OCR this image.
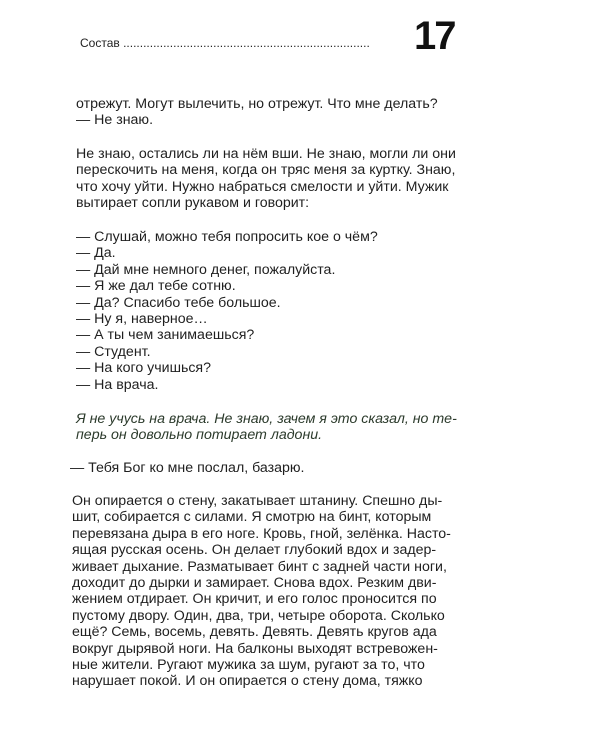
Состав ..........................................................................	17
отрежут. Могут вылечить, но отрежут. Что мне делать?
— Не знаю.
Не знаю, остались ли на нём вши. Не знаю, могли ли они
перескочить на меня, когда он тряс меня за куртку. Знаю,
что хочу уйти. Нужно набраться смелости и уйти. Мужик
вытирает сопли рукавом и говорит:
— Слушай, можно тебя попросить кое о чём?
— Да.
— Дай мне немного денег, пожалуйста.
— Я же дал тебе сотню.
— Да? Спасибо тебе большое.
— Ну я, наверное…
— А ты чем занимаешься?
— Студент.
— На кого учишься?
— На врача.
Я не учусь на врача. Не знаю, зачем я это сказал, но те-
перь он довольно потирает ладони.
— Тебя Бог ко мне послал, базарю.
Он опирается о стену, закатывает штанину. Спешно ды-
шит, собирается с силами. Я смотрю на бинт, которым
перевязана дыра в его ноге. Кровь, гной, зелёнка. Насто-
ящая русская осень. Он делает глубокий вдох и задер-
живает дыхание. Разматывает бинт с задней части ноги,
доходит до дырки и замирает. Снова вдох. Резким дви-
жением отдирает. Он кричит, и его голос проносится по
пустому двору. Один, два, три, четыре оборота. Сколько
ещё? Семь, восемь, девять. Девять. Девять кругов ада
вокруг дырявой ноги. На балконы выходят встревожен-
ные жители. Ругают мужика за шум, ругают за то, что
нарушает покой. И он опирается о стену дома, тяжко
